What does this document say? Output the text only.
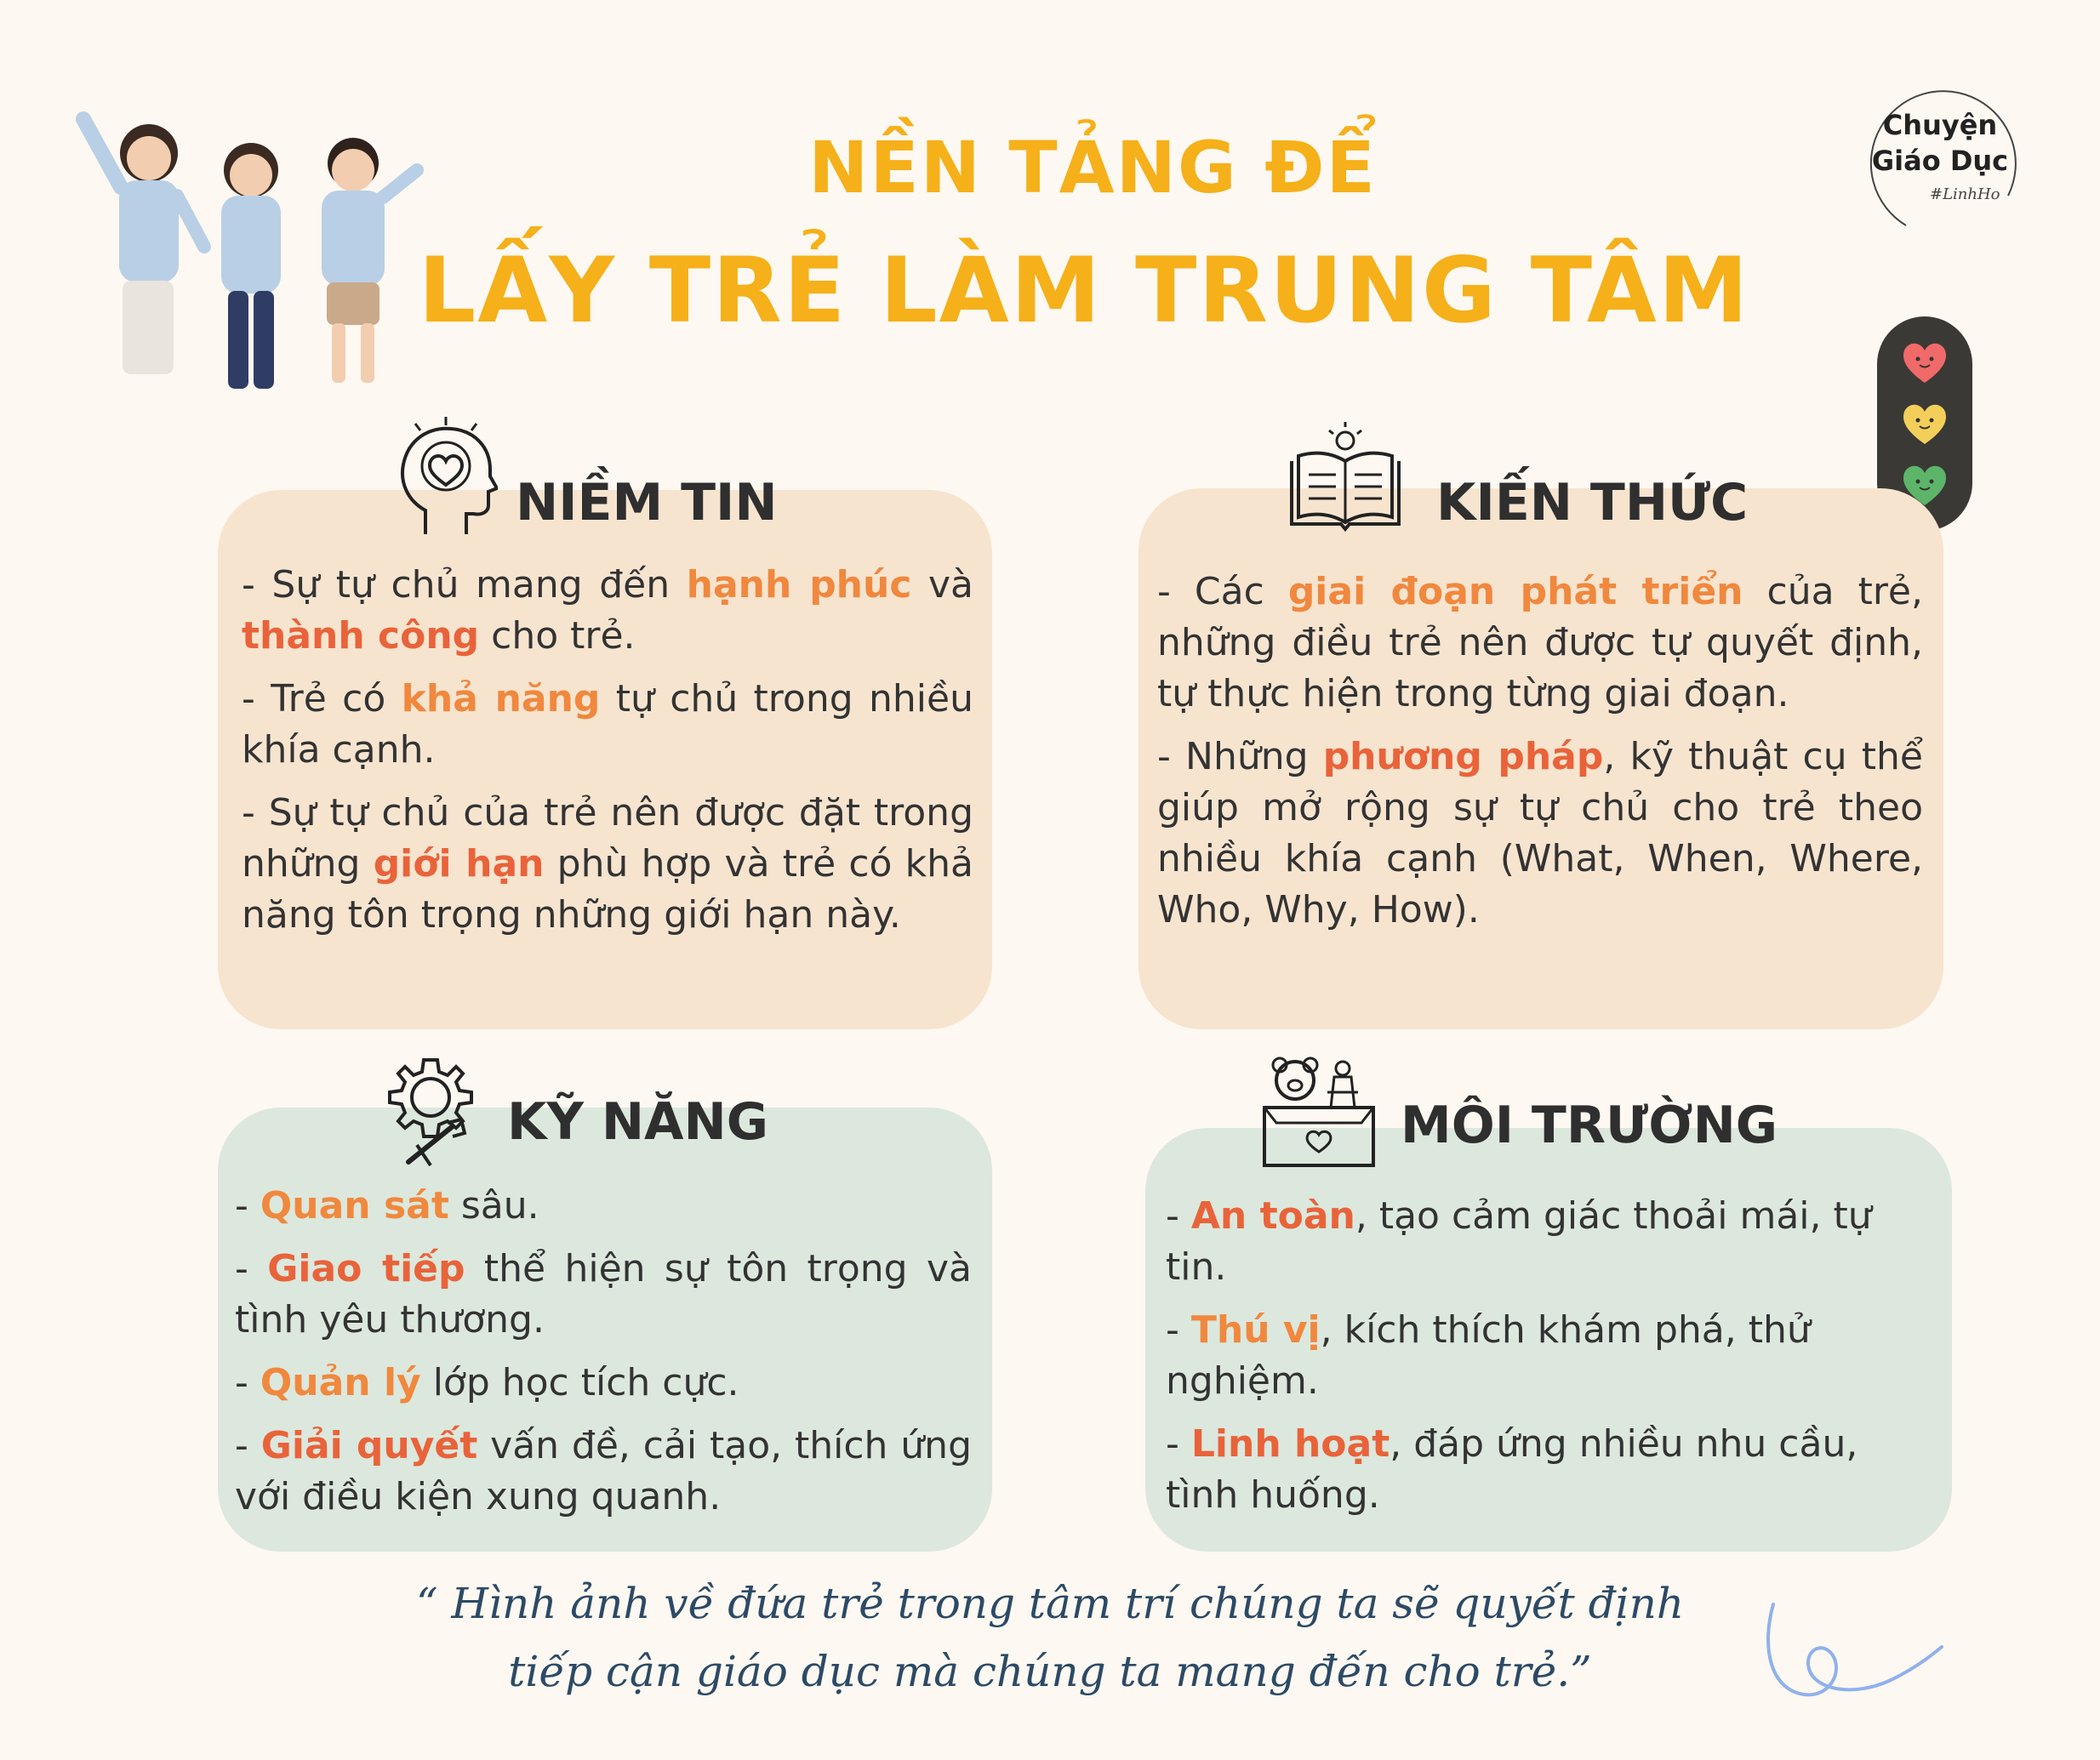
NỀN TẢNG ĐỂ
LẤY TRẺ LÀM TRUNG TÂM
Chuyện
Giáo Dục
#LinhHo
NIỀM TIN

- Sự tự chủ mang đến hạnh phúc và thành công cho trẻ.

- Trẻ có khả năng tự chủ trong nhiều khía cạnh.

- Sự tự chủ của trẻ nên được đặt trong những giới hạn phù hợp và trẻ có khả năng tôn trọng những giới hạn này.

KIẾN THỨC

- Các giai đoạn phát triển của trẻ, những điều trẻ nên được tự quyết định, tự thực hiện trong từng giai đoạn.

- Những phương pháp, kỹ thuật cụ thể giúp mở rộng sự tự chủ cho trẻ theo nhiều khía cạnh (What, When, Where, Who, Why, How).

KỸ NĂNG

- Quan sát sâu.

- Giao tiếp thể hiện sự tôn trọng và tình yêu thương.

- Quản lý lớp học tích cực.

- Giải quyết vấn đề, cải tạo, thích ứng với điều kiện xung quanh.

MÔI TRƯỜNG

- An toàn, tạo cảm giác thoải mái, tự tin.

- Thú vị, kích thích khám phá, thử nghiệm.

- Linh hoạt, đáp ứng nhiều nhu cầu, tình huống.

“ Hình ảnh về đứa trẻ trong tâm trí chúng ta sẽ quyết định
tiếp cận giáo dục mà chúng ta mang đến cho trẻ.”
